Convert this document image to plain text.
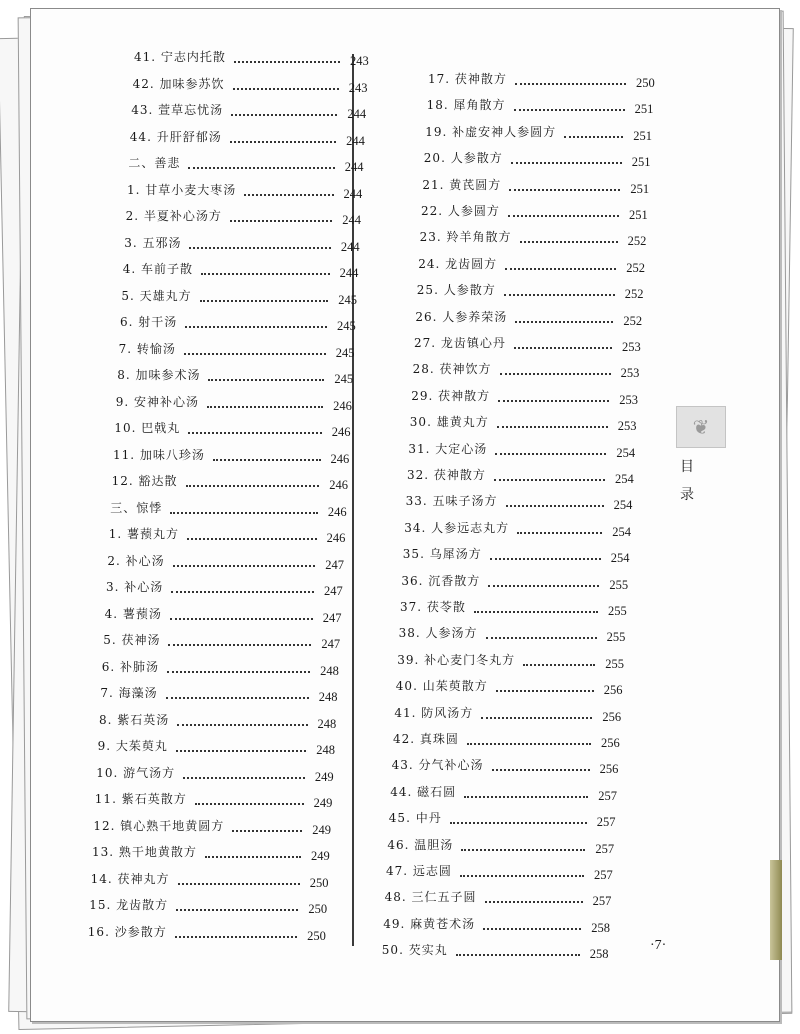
41. 宁志内托散	243
42. 加味参苏饮	243
43. 萱草忘忧汤	244
44. 升肝舒郁汤	244
二、善悲	244
1. 甘草小麦大枣汤	244
2. 半夏补心汤方	244
3. 五邪汤	244
4. 车前子散	244
5. 天雄丸方	245
6. 射干汤	245
7. 转愉汤	245
8. 加味参术汤	245
9. 安神补心汤	246
10. 巴戟丸	246
11. 加味八珍汤	246
12. 豁达散	246
三、惊悸	246
1. 薯蓣丸方	246
2. 补心汤	247
3. 补心汤	247
4. 薯蓣汤	247
5. 茯神汤	247
6. 补肺汤	248
7. 海藻汤	248
8. 紫石英汤	248
9. 大茱萸丸	248
10. 游气汤方	249
11. 紫石英散方	249
12. 镇心熟干地黄圆方	249
13. 熟干地黄散方	249
14. 茯神丸方	250
15. 龙齿散方	250
16. 沙参散方	250
17. 茯神散方	250
18. 犀角散方	251
19. 补虚安神人参圆方	251
20. 人参散方	251
21. 黄芪圆方	251
22. 人参圆方	251
23. 羚羊角散方	252
24. 龙齿圆方	252
25. 人参散方	252
26. 人参养荣汤	252
27. 龙齿镇心丹	253
28. 茯神饮方	253
29. 茯神散方	253
30. 雄黄丸方	253
31. 大定心汤	254
32. 茯神散方	254
33. 五味子汤方	254
34. 人参远志丸方	254
35. 乌犀汤方	254
36. 沉香散方	255
37. 茯苓散	255
38. 人参汤方	255
39. 补心麦门冬丸方	255
40. 山茱萸散方	256
41. 防风汤方	256
42. 真珠圆	256
43. 分气补心汤	256
44. 磁石圆	257
45. 中丹	257
46. 温胆汤	257
47. 远志圆	257
48. 三仁五子圆	257
49. 麻黄苍术汤	258
50. 芡实丸	258
❦
目
录
·7·
